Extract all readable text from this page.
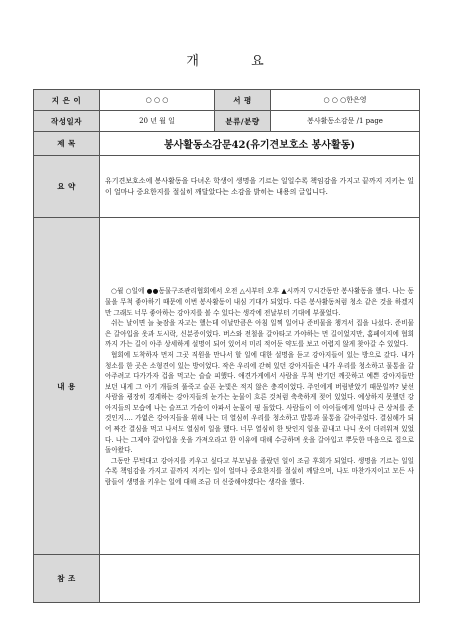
개 요
지 은 이	○ ○ ○	서 평	○ ○ ○한은영
작성일자	20 년 월 일	분류/분량	봉사활동소감문 /1 page
제 목	봉사활동소감문42(유기견보호소 봉사활동)		
요 약	유기견보호소에 봉사활동을 다녀온 학생이 생명을 기르는 일일수록 책임감을 가지고 끝까지 지키는 일이 얼마나 중요한지를 절실히 깨달았다는 소감을 밝히는 내용의 글입니다.		
내 용	○월 ○일에 ●●동물구조관리협회에서 오전 △시부터 오후 ▲시까지 ▽시간동안 봉사활동을 했다. 나는 동물을 무척 좋아하기 때문에 이번 봉사활동이 내심 기대가 되었다. 다른 봉사활동처럼 청소 같은 것을 하겠지만 그래도 너무 좋아하는 강아지를 볼 수 있다는 생각에 전날부터 기대에 부풀었다.

쉬는 날이면 늘 늦잠을 자고는 했는데 이날만큼은 아침 일찍 일어나 준비물을 챙겨서 집을 나섰다. 준비물은 갈아입을 옷과 도시락, 신분증이었다. 버스와 전철을 갈아타고 가야하는 먼 길이었지만, 홈페이지에 협회까지 가는 길이 아주 상세하게 설명이 되어 있어서 미리 적어둔 약도를 보고 어렵지 않게 찾아갈 수 있었다.

협회에 도착하자 먼저 그곳 직원을 만나서 할 일에 대한 설명을 듣고 강아지들이 있는 방으로 갔다. 내가 청소를 한 곳은 소형견이 있는 방이었다. 작은 우리에 갇혀 있던 강아지들은 내가 우리를 청소하고 물통을 갈아주려고 다가가자 겁을 먹고는 슬슬 피했다. 애견가게에서 사람을 무척 반기던 깨끗하고 예쁜 강아지들만 보던 내게 그 아기 개들의 풀죽고 슬픈 눈빛은 적지 않은 충격이었다. 주인에게 버림받았기 때문일까? 낯선 사람을 굉장히 경계하는 강아지들의 눈가는 눈물이 흐른 것처럼 축축하게 젖어 있었다. 예상하지 못했던 강아지들의 모습에 나는 슬프고 가슴이 아파서 눈물이 핑 돌았다. 사람들이 이 아이들에게 얼마나 큰 상처를 준 것인지…. 가엾은 강아지들을 위해 나는 더 열심히 우리를 청소하고 밥통과 물통을 갈아주었다. 결심해가 되어 짜간 결심을 먹고 나서도 열심히 일을 했다. 너무 열심히 한 탓인지 일을 끝내고 나니 옷이 더러워져 있었다. 나는 그제야 갈아입을 옷을 가져오라고 한 이유에 대해 수긍하며 옷을 갈아입고 뿌듯한 마음으로 집으로 돌아왔다.

그동안 무턱대고 강아지를 키우고 싶다고 부모님을 졸랐던 일이 조금 후회가 되었다. 생명을 기르는 일일수록 책임감을 가지고 끝까지 지키는 일이 얼마나 중요한지를 절실히 깨달으며, 나도 마찬가지이고 모든 사람들이 생명을 키우는 일에 대해 조금 더 신중해야겠다는 생각을 했다.		

참 조			
